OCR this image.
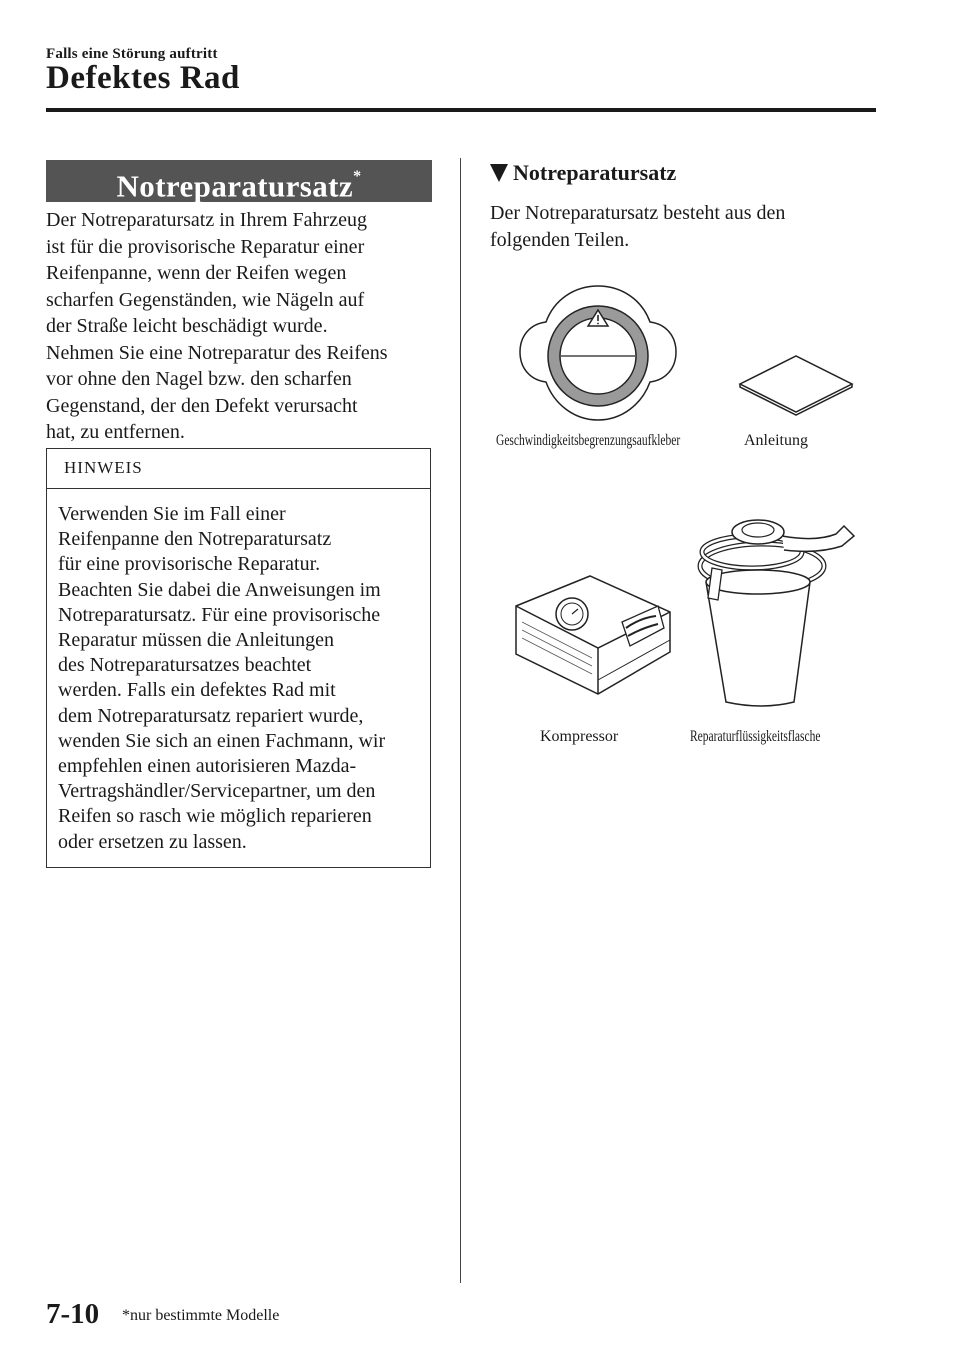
Falls eine Störung auftritt
Defektes Rad
Notreparatursatz*
Der Notreparatursatz in Ihrem Fahrzeug
ist für die provisorische Reparatur einer
Reifenpanne, wenn der Reifen wegen
scharfen Gegenständen, wie Nägeln auf
der Straße leicht beschädigt wurde.
Nehmen Sie eine Notreparatur des Reifens
vor ohne den Nagel bzw. den scharfen
Gegenstand, der den Defekt verursacht
hat, zu entfernen.
HINWEIS
Verwenden Sie im Fall einer
Reifenpanne den Notreparatursatz
für eine provisorische Reparatur.
Beachten Sie dabei die Anweisungen im
Notreparatursatz. Für eine provisorische
Reparatur müssen die Anleitungen
des Notreparatursatzes beachtet
werden. Falls ein defektes Rad mit
dem Notreparatursatz repariert wurde,
wenden Sie sich an einen Fachmann, wir
empfehlen einen autorisieren Mazda-
Vertragshändler/Servicepartner, um den
Reifen so rasch wie möglich reparieren
oder ersetzen zu lassen.
Notreparatursatz
Der Notreparatursatz besteht aus den
folgenden Teilen.
Geschwindigkeitsbegrenzungsaufkleber	Anleitung
Kompressor	Reparaturflüssigkeitsflasche
7-10 *nur bestimmte Modelle
